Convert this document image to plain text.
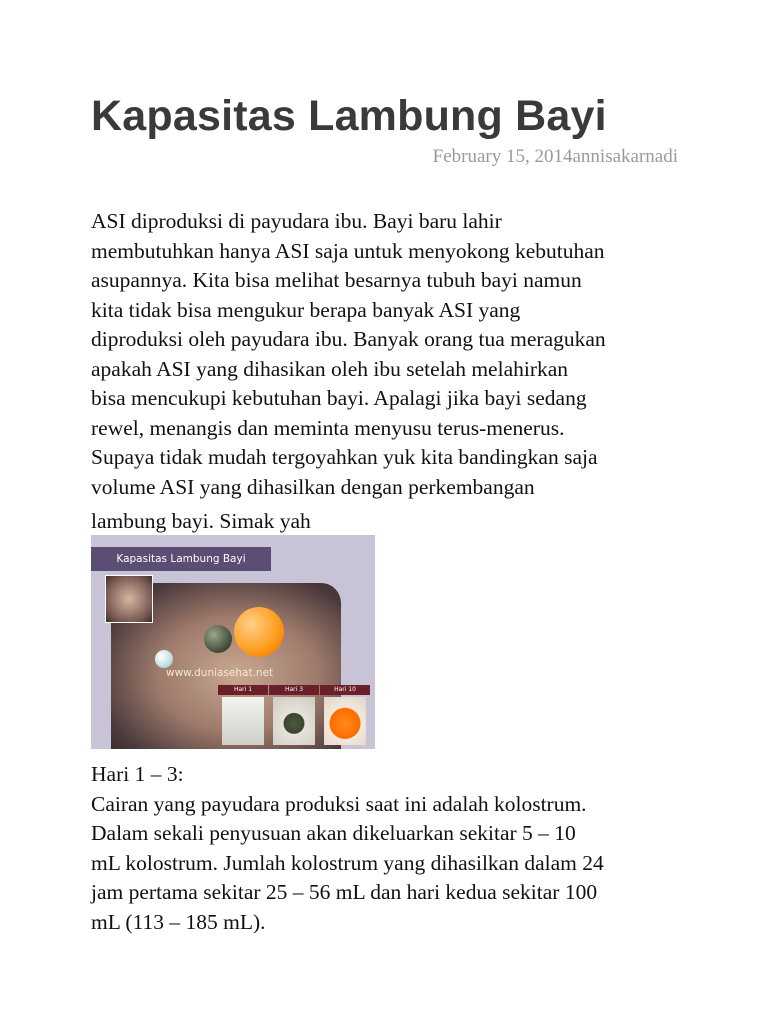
Kapasitas Lambung Bayi
February 15, 2014annisakarnadi
ASI diproduksi di payudara ibu. Bayi baru lahir
membutuhkan hanya ASI saja untuk menyokong kebutuhan
asupannya. Kita bisa melihat besarnya tubuh bayi namun
kita tidak bisa mengukur berapa banyak ASI yang
diproduksi oleh payudara ibu. Banyak orang tua meragukan
apakah ASI yang dihasikan oleh ibu setelah melahirkan
bisa mencukupi kebutuhan bayi. Apalagi jika bayi sedang
rewel, menangis dan meminta menyusu terus-menerus.
Supaya tidak mudah tergoyahkan yuk kita bandingkan saja
volume ASI yang dihasilkan dengan perkembangan
lambung bayi. Simak yah
Kapasitas Lambung Bayi
www.duniasehat.net
Hari 1	Hari 3	Hari 10
Hari 1 – 3:
Cairan yang payudara produksi saat ini adalah kolostrum.
Dalam sekali penyusuan akan dikeluarkan sekitar 5 – 10
mL kolostrum. Jumlah kolostrum yang dihasilkan dalam 24
jam pertama sekitar 25 – 56 mL dan hari kedua sekitar 100
mL (113 – 185 mL).
